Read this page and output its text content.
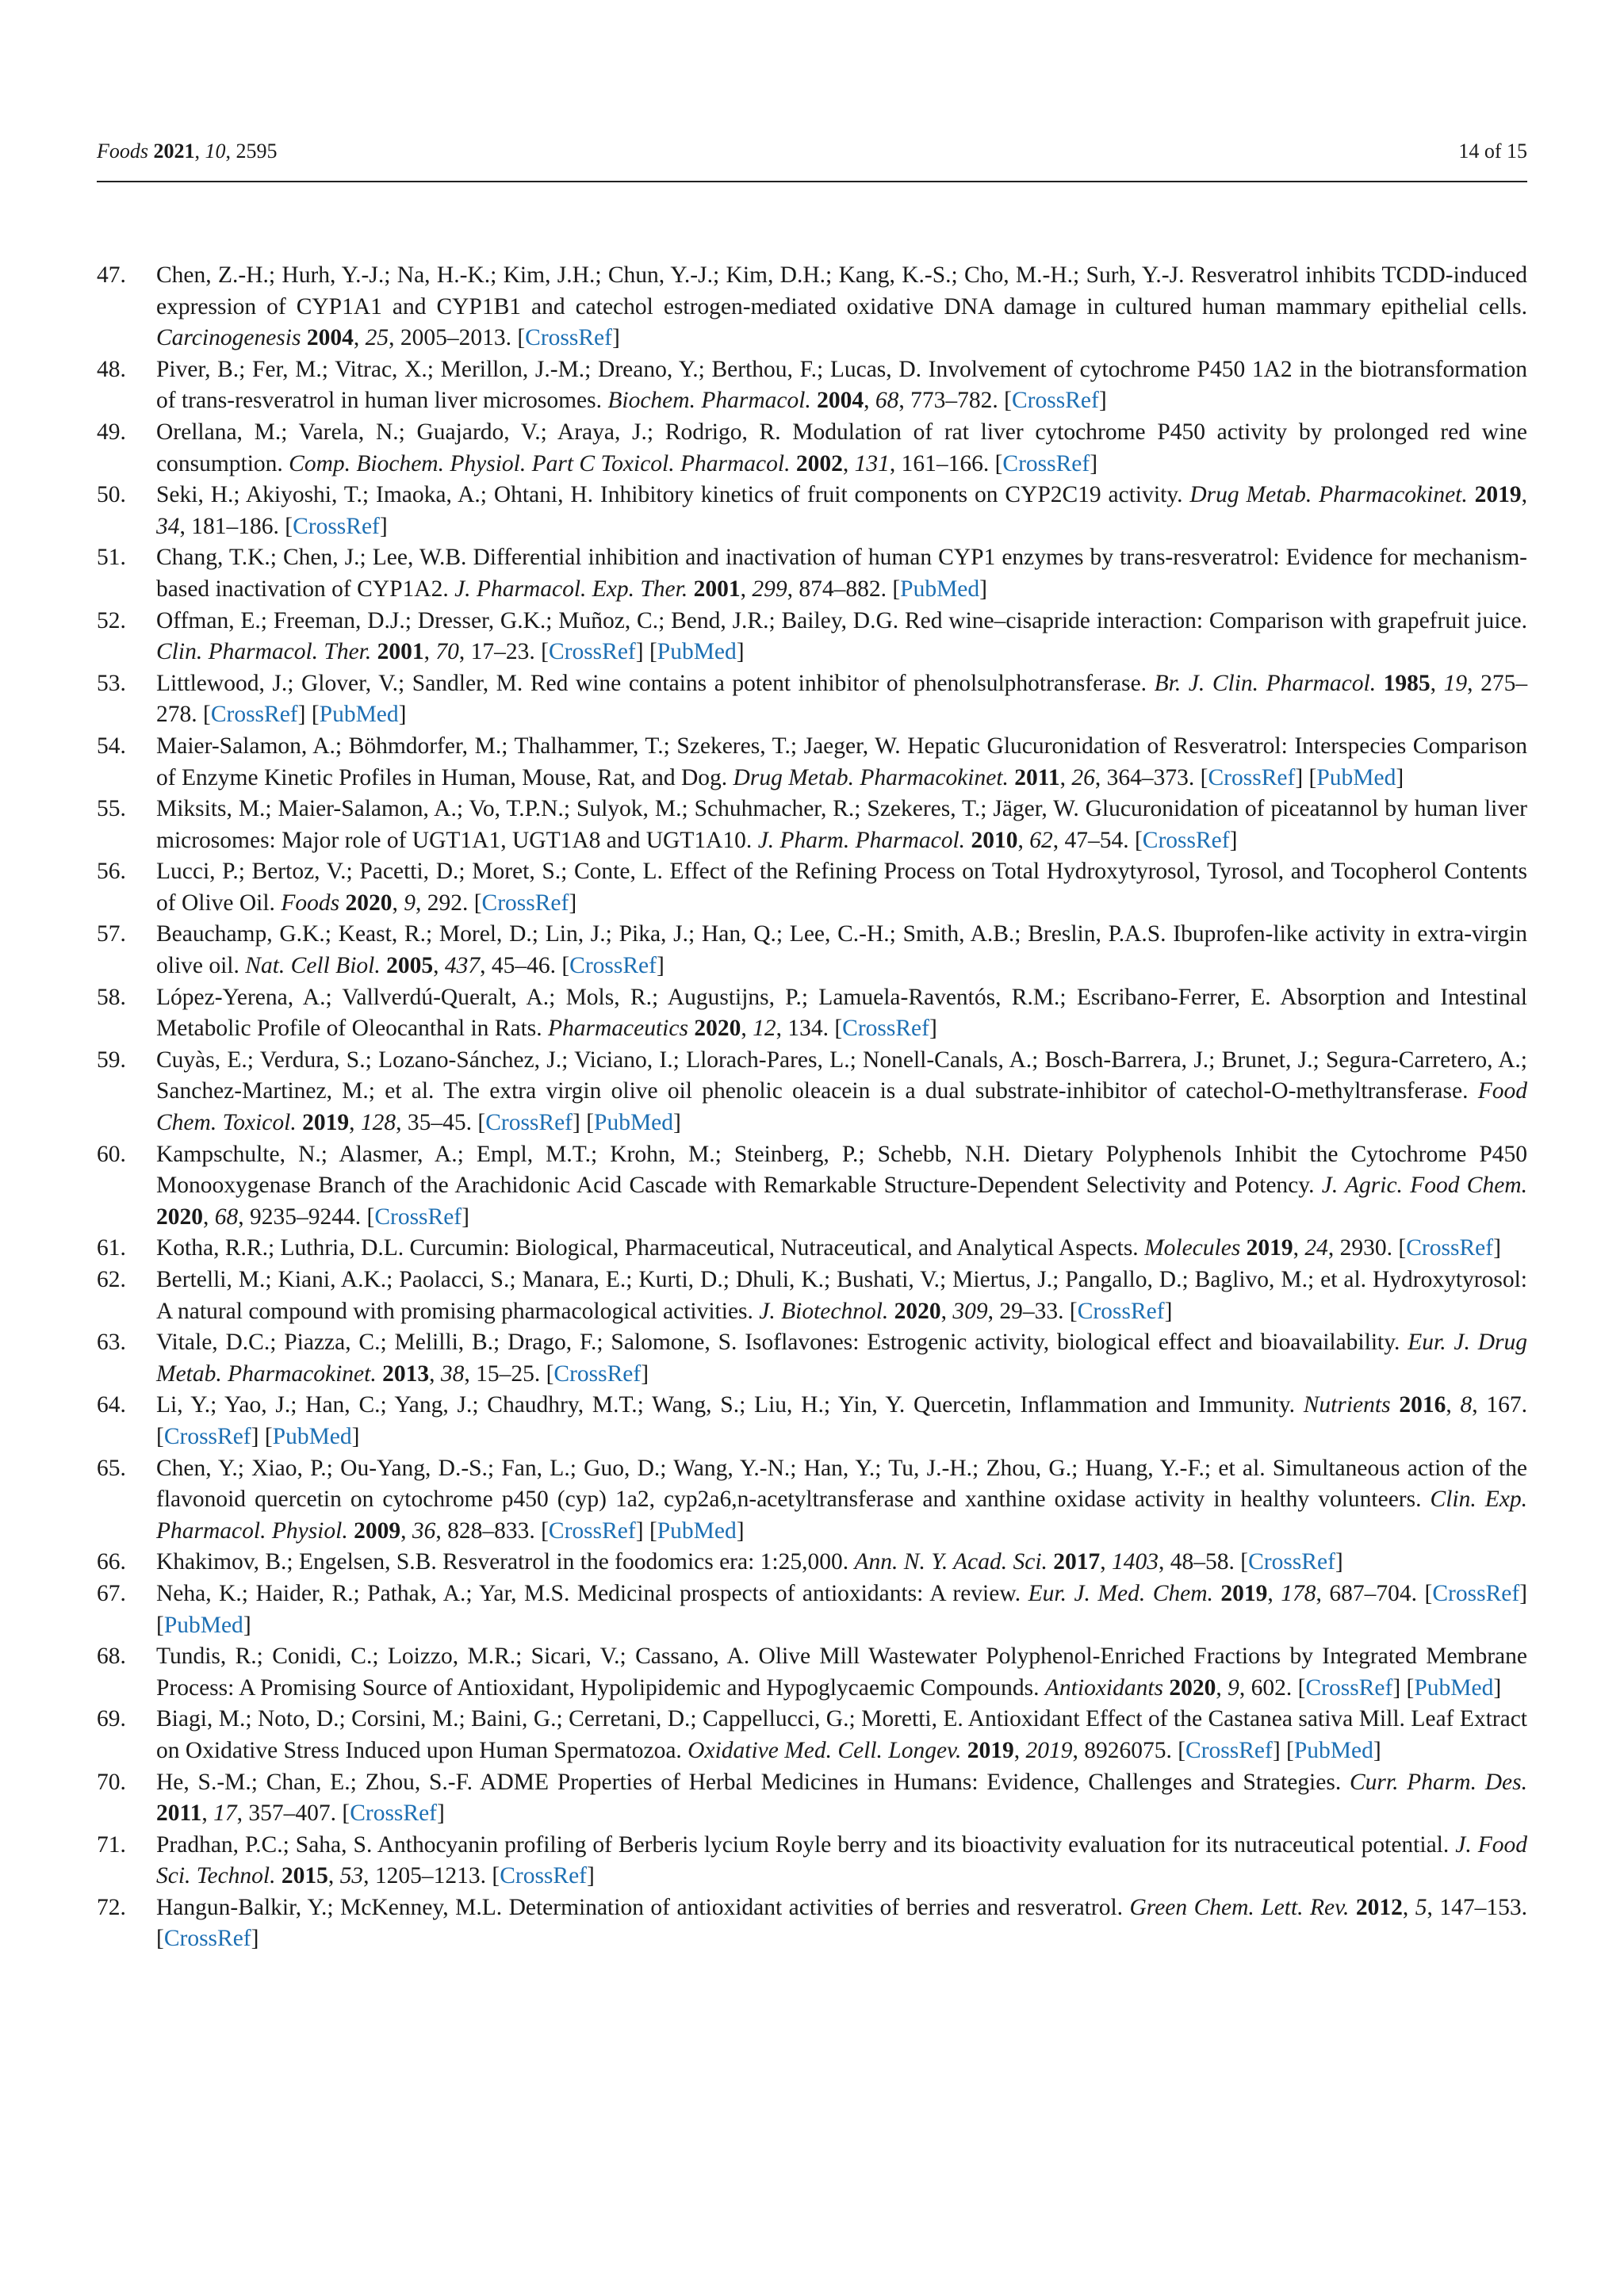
Foods 2021, 10, 2595	14 of 15
47.	Chen, Z.-H.; Hurh, Y.-J.; Na, H.-K.; Kim, J.H.; Chun, Y.-J.; Kim, D.H.; Kang, K.-S.; Cho, M.-H.; Surh, Y.-J. Resveratrol inhibits TCDD-induced expression of CYP1A1 and CYP1B1 and catechol estrogen-mediated oxidative DNA damage in cultured human mammary epithelial cells. Carcinogenesis 2004, 25, 2005–2013. [CrossRef]
48.	Piver, B.; Fer, M.; Vitrac, X.; Merillon, J.-M.; Dreano, Y.; Berthou, F.; Lucas, D. Involvement of cytochrome P450 1A2 in the biotransformation of trans-resveratrol in human liver microsomes. Biochem. Pharmacol. 2004, 68, 773–782. [CrossRef]
49.	Orellana, M.; Varela, N.; Guajardo, V.; Araya, J.; Rodrigo, R. Modulation of rat liver cytochrome P450 activity by prolonged red wine consumption. Comp. Biochem. Physiol. Part C Toxicol. Pharmacol. 2002, 131, 161–166. [CrossRef]
50.	Seki, H.; Akiyoshi, T.; Imaoka, A.; Ohtani, H. Inhibitory kinetics of fruit components on CYP2C19 activity. Drug Metab. Pharmacokinet. 2019, 34, 181–186. [CrossRef]
51.	Chang, T.K.; Chen, J.; Lee, W.B. Differential inhibition and inactivation of human CYP1 enzymes by trans-resveratrol: Evidence for mechanism-based inactivation of CYP1A2. J. Pharmacol. Exp. Ther. 2001, 299, 874–882. [PubMed]
52.	Offman, E.; Freeman, D.J.; Dresser, G.K.; Muñoz, C.; Bend, J.R.; Bailey, D.G. Red wine–cisapride interaction: Comparison with grapefruit juice. Clin. Pharmacol. Ther. 2001, 70, 17–23. [CrossRef] [PubMed]
53.	Littlewood, J.; Glover, V.; Sandler, M. Red wine contains a potent inhibitor of phenolsulphotransferase. Br. J. Clin. Pharmacol. 1985, 19, 275–278. [CrossRef] [PubMed]
54.	Maier-Salamon, A.; Böhmdorfer, M.; Thalhammer, T.; Szekeres, T.; Jaeger, W. Hepatic Glucuronidation of Resveratrol: Interspecies Comparison of Enzyme Kinetic Profiles in Human, Mouse, Rat, and Dog. Drug Metab. Pharmacokinet. 2011, 26, 364–373. [CrossRef] [PubMed]
55.	Miksits, M.; Maier-Salamon, A.; Vo, T.P.N.; Sulyok, M.; Schuhmacher, R.; Szekeres, T.; Jäger, W. Glucuronidation of piceatannol by human liver microsomes: Major role of UGT1A1, UGT1A8 and UGT1A10. J. Pharm. Pharmacol. 2010, 62, 47–54. [CrossRef]
56.	Lucci, P.; Bertoz, V.; Pacetti, D.; Moret, S.; Conte, L. Effect of the Refining Process on Total Hydroxytyrosol, Tyrosol, and Tocopherol Contents of Olive Oil. Foods 2020, 9, 292. [CrossRef]
57.	Beauchamp, G.K.; Keast, R.; Morel, D.; Lin, J.; Pika, J.; Han, Q.; Lee, C.-H.; Smith, A.B.; Breslin, P.A.S. Ibuprofen-like activity in extra-virgin olive oil. Nat. Cell Biol. 2005, 437, 45–46. [CrossRef]
58.	López-Yerena, A.; Vallverdú-Queralt, A.; Mols, R.; Augustijns, P.; Lamuela-Raventós, R.M.; Escribano-Ferrer, E. Absorption and Intestinal Metabolic Profile of Oleocanthal in Rats. Pharmaceutics 2020, 12, 134. [CrossRef]
59.	Cuyàs, E.; Verdura, S.; Lozano-Sánchez, J.; Viciano, I.; Llorach-Pares, L.; Nonell-Canals, A.; Bosch-Barrera, J.; Brunet, J.; Segura-Carretero, A.; Sanchez-Martinez, M.; et al. The extra virgin olive oil phenolic oleacein is a dual substrate-inhibitor of catechol-O-methyltransferase. Food Chem. Toxicol. 2019, 128, 35–45. [CrossRef] [PubMed]
60.	Kampschulte, N.; Alasmer, A.; Empl, M.T.; Krohn, M.; Steinberg, P.; Schebb, N.H. Dietary Polyphenols Inhibit the Cytochrome P450 Monooxygenase Branch of the Arachidonic Acid Cascade with Remarkable Structure-Dependent Selectivity and Potency. J. Agric. Food Chem. 2020, 68, 9235–9244. [CrossRef]
61.	Kotha, R.R.; Luthria, D.L. Curcumin: Biological, Pharmaceutical, Nutraceutical, and Analytical Aspects. Molecules 2019, 24, 2930. [CrossRef]
62.	Bertelli, M.; Kiani, A.K.; Paolacci, S.; Manara, E.; Kurti, D.; Dhuli, K.; Bushati, V.; Miertus, J.; Pangallo, D.; Baglivo, M.; et al. Hydroxytyrosol: A natural compound with promising pharmacological activities. J. Biotechnol. 2020, 309, 29–33. [CrossRef]
63.	Vitale, D.C.; Piazza, C.; Melilli, B.; Drago, F.; Salomone, S. Isoflavones: Estrogenic activity, biological effect and bioavailability. Eur. J. Drug Metab. Pharmacokinet. 2013, 38, 15–25. [CrossRef]
64.	Li, Y.; Yao, J.; Han, C.; Yang, J.; Chaudhry, M.T.; Wang, S.; Liu, H.; Yin, Y. Quercetin, Inflammation and Immunity. Nutrients 2016, 8, 167. [CrossRef] [PubMed]
65.	Chen, Y.; Xiao, P.; Ou-Yang, D.-S.; Fan, L.; Guo, D.; Wang, Y.-N.; Han, Y.; Tu, J.-H.; Zhou, G.; Huang, Y.-F.; et al. Simultaneous action of the flavonoid quercetin on cytochrome p450 (cyp) 1a2, cyp2a6,n-acetyltransferase and xanthine oxidase activity in healthy volunteers. Clin. Exp. Pharmacol. Physiol. 2009, 36, 828–833. [CrossRef] [PubMed]
66.	Khakimov, B.; Engelsen, S.B. Resveratrol in the foodomics era: 1:25,000. Ann. N. Y. Acad. Sci. 2017, 1403, 48–58. [CrossRef]
67.	Neha, K.; Haider, R.; Pathak, A.; Yar, M.S. Medicinal prospects of antioxidants: A review. Eur. J. Med. Chem. 2019, 178, 687–704. [CrossRef] [PubMed]
68.	Tundis, R.; Conidi, C.; Loizzo, M.R.; Sicari, V.; Cassano, A. Olive Mill Wastewater Polyphenol-Enriched Fractions by Integrated Membrane Process: A Promising Source of Antioxidant, Hypolipidemic and Hypoglycaemic Compounds. Antioxidants 2020, 9, 602. [CrossRef] [PubMed]
69.	Biagi, M.; Noto, D.; Corsini, M.; Baini, G.; Cerretani, D.; Cappellucci, G.; Moretti, E. Antioxidant Effect of the Castanea sativa Mill. Leaf Extract on Oxidative Stress Induced upon Human Spermatozoa. Oxidative Med. Cell. Longev. 2019, 2019, 8926075. [CrossRef] [PubMed]
70.	He, S.-M.; Chan, E.; Zhou, S.-F. ADME Properties of Herbal Medicines in Humans: Evidence, Challenges and Strategies. Curr. Pharm. Des. 2011, 17, 357–407. [CrossRef]
71.	Pradhan, P.C.; Saha, S. Anthocyanin profiling of Berberis lycium Royle berry and its bioactivity evaluation for its nutraceutical potential. J. Food Sci. Technol. 2015, 53, 1205–1213. [CrossRef]
72.	Hangun-Balkir, Y.; McKenney, M.L. Determination of antioxidant activities of berries and resveratrol. Green Chem. Lett. Rev. 2012, 5, 147–153. [CrossRef]
